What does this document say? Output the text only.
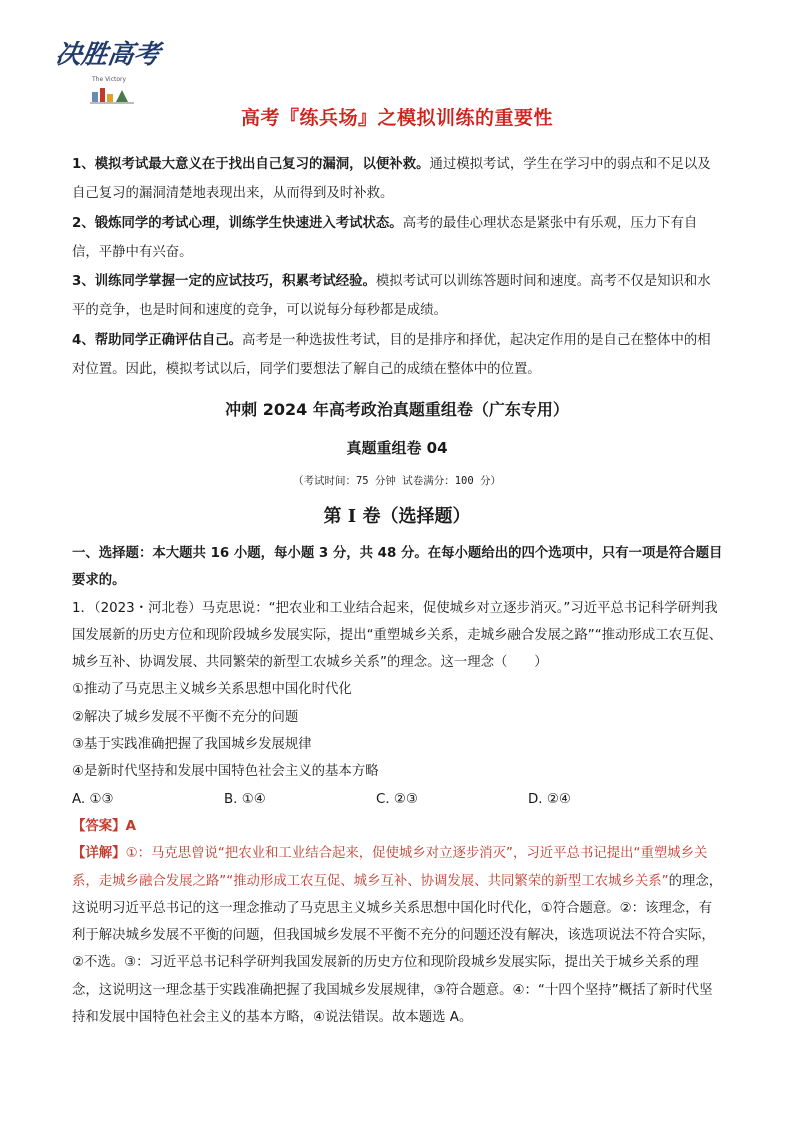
决胜高考
The Victory
高考『练兵场』之模拟训练的重要性

1、模拟考试最大意义在于找出自己复习的漏洞，以便补救。通过模拟考试，学生在学习中的弱点和不足以及自己复习的漏洞清楚地表现出来，从而得到及时补救。

2、锻炼同学的考试心理，训练学生快速进入考试状态。高考的最佳心理状态是紧张中有乐观，压力下有自信，平静中有兴奋。

3、训练同学掌握一定的应试技巧，积累考试经验。模拟考试可以训练答题时间和速度。高考不仅是知识和水平的竞争，也是时间和速度的竞争，可以说每分每秒都是成绩。

4、帮助同学正确评估自己。高考是一种选拔性考试，目的是排序和择优，起决定作用的是自己在整体中的相对位置。因此，模拟考试以后，同学们要想法了解自己的成绩在整体中的位置。

冲刺 2024 年高考政治真题重组卷（广东专用）
真题重组卷 04
（考试时间：75 分钟 试卷满分：100 分）
第 I 卷（选择题）

一、选择题：本大题共 16 小题，每小题 3 分，共 48 分。在每小题给出的四个选项中，只有一项是符合题目要求的。

1．（2023・河北卷）马克思说：“把农业和工业结合起来，促使城乡对立逐步消灭。”习近平总书记科学研判我国发展新的历史方位和现阶段城乡发展实际，提出“重塑城乡关系，走城乡融合发展之路”“推动形成工农互促、城乡互补、协调发展、共同繁荣的新型工农城乡关系”的理念。这一理念（　　）

①推动了马克思主义城乡关系思想中国化时代化

②解决了城乡发展不平衡不充分的问题

③基于实践准确把握了我国城乡发展规律

④是新时代坚持和发展中国特色社会主义的基本方略

A. ①③	B. ①④	C. ②③	D. ②④

【答案】A

【详解】①：马克思曾说“把农业和工业结合起来，促使城乡对立逐步消灭”，习近平总书记提出“重塑城乡关系，走城乡融合发展之路”“推动形成工农互促、城乡互补、协调发展、共同繁荣的新型工农城乡关系”的理念，这说明习近平总书记的这一理念推动了马克思主义城乡关系思想中国化时代化，①符合题意。②：该理念，有利于解决城乡发展不平衡的问题，但我国城乡发展不平衡不充分的问题还没有解决，该选项说法不符合实际，②不选。③：习近平总书记科学研判我国发展新的历史方位和现阶段城乡发展实际，提出关于城乡关系的理念，这说明这一理念基于实践准确把握了我国城乡发展规律，③符合题意。④：“十四个坚持”概括了新时代坚持和发展中国特色社会主义的基本方略，④说法错误。故本题选 A。
